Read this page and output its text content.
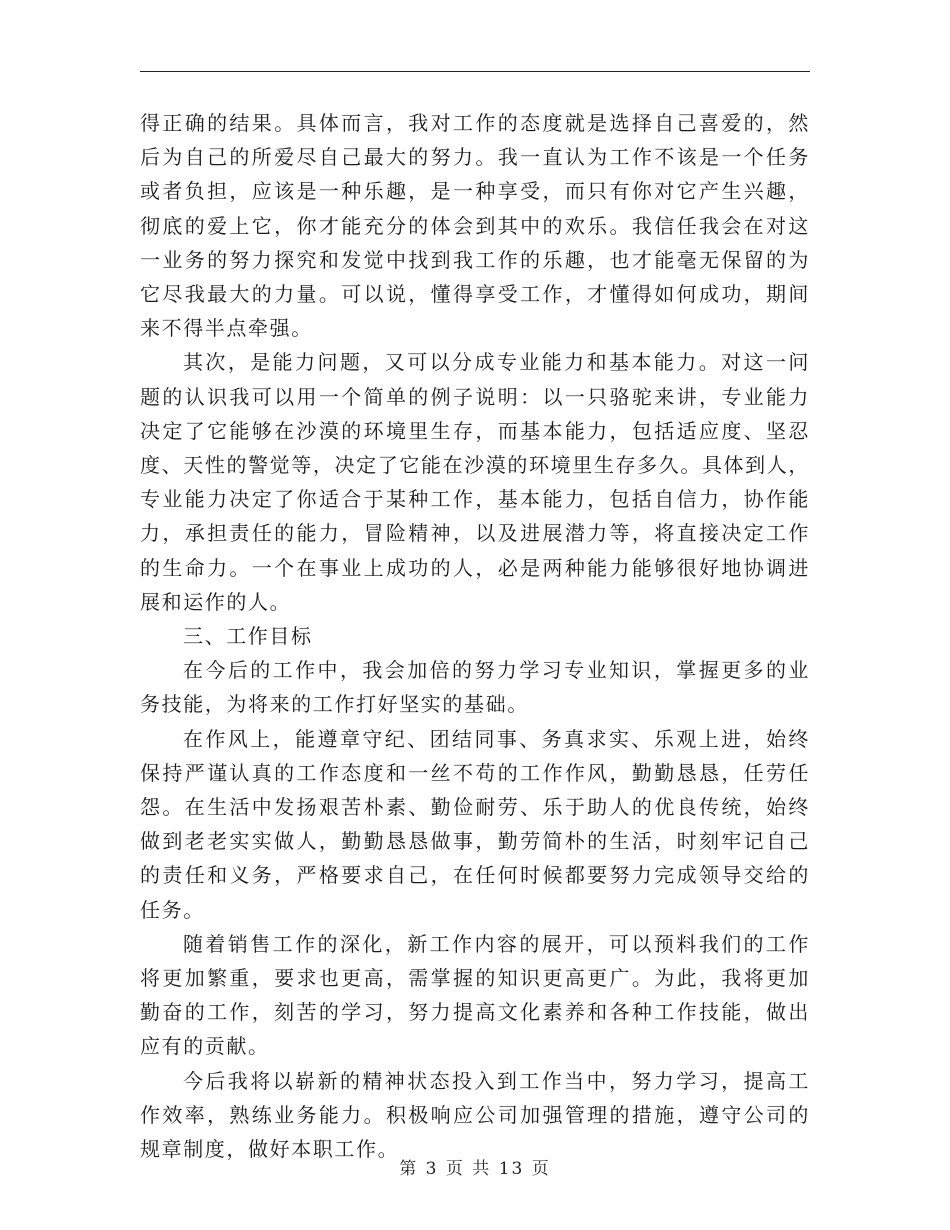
得正确的结果。具体而言，我对工作的态度就是选择自己喜爱的，然
后为自己的所爱尽自己最大的努力。我一直认为工作不该是一个任务
或者负担，应该是一种乐趣，是一种享受，而只有你对它产生兴趣，
彻底的爱上它，你才能充分的体会到其中的欢乐。我信任我会在对这
一业务的努力探究和发觉中找到我工作的乐趣，也才能毫无保留的为
它尽我最大的力量。可以说，懂得享受工作，才懂得如何成功，期间
来不得半点牵强。

其次，是能力问题，又可以分成专业能力和基本能力。对这一问
题的认识我可以用一个简单的例子说明：以一只骆驼来讲，专业能力
决定了它能够在沙漠的环境里生存，而基本能力，包括适应度、坚忍
度、天性的警觉等，决定了它能在沙漠的环境里生存多久。具体到人，
专业能力决定了你适合于某种工作，基本能力，包括自信力，协作能
力，承担责任的能力，冒险精神，以及进展潜力等，将直接决定工作
的生命力。一个在事业上成功的人，必是两种能力能够很好地协调进
展和运作的人。

三、工作目标

在今后的工作中，我会加倍的努力学习专业知识，掌握更多的业
务技能，为将来的工作打好坚实的基础。

在作风上，能遵章守纪、团结同事、务真求实、乐观上进，始终
保持严谨认真的工作态度和一丝不苟的工作作风，勤勤恳恳，任劳任
怨。在生活中发扬艰苦朴素、勤俭耐劳、乐于助人的优良传统，始终
做到老老实实做人，勤勤恳恳做事，勤劳简朴的生活，时刻牢记自己
的责任和义务，严格要求自己，在任何时候都要努力完成领导交给的
任务。

随着销售工作的深化，新工作内容的展开，可以预料我们的工作
将更加繁重，要求也更高，需掌握的知识更高更广。为此，我将更加
勤奋的工作，刻苦的学习，努力提高文化素养和各种工作技能，做出
应有的贡献。

今后我将以崭新的精神状态投入到工作当中，努力学习，提高工
作效率，熟练业务能力。积极响应公司加强管理的措施，遵守公司的
规章制度，做好本职工作。

第 3 页 共 13 页
